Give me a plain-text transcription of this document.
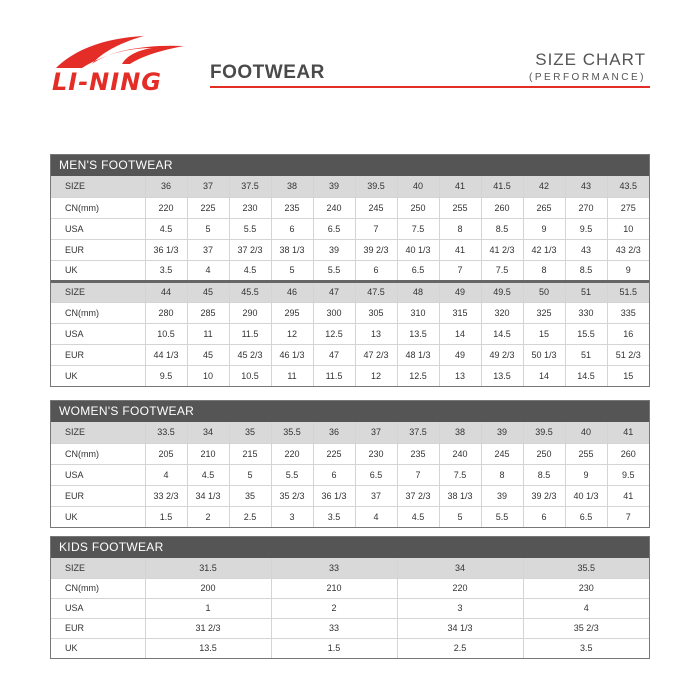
LI-NING	FOOTWEAR
SIZE CHART
(PERFORMANCE)
MEN'S FOOTWEAR
SIZE	36	37	37.5	38	39	39.5	40	41	41.5	42	43	43.5
CN(mm)	220	225	230	235	240	245	250	255	260	265	270	275
USA	4.5	5	5.5	6	6.5	7	7.5	8	8.5	9	9.5	10
EUR	36 1/3	37	37 2/3	38 1/3	39	39 2/3	40 1/3	41	41 2/3	42 1/3	43	43 2/3
UK	3.5	4	4.5	5	5.5	6	6.5	7	7.5	8	8.5	9
SIZE	44	45	45.5	46	47	47.5	48	49	49.5	50	51	51.5
CN(mm)	280	285	290	295	300	305	310	315	320	325	330	335
USA	10.5	11	11.5	12	12.5	13	13.5	14	14.5	15	15.5	16
EUR	44 1/3	45	45 2/3	46 1/3	47	47 2/3	48 1/3	49	49 2/3	50 1/3	51	51 2/3
UK	9.5	10	10.5	11	11.5	12	12.5	13	13.5	14	14.5	15
WOMEN'S FOOTWEAR
SIZE	33.5	34	35	35.5	36	37	37.5	38	39	39.5	40	41
CN(mm)	205	210	215	220	225	230	235	240	245	250	255	260
USA	4	4.5	5	5.5	6	6.5	7	7.5	8	8.5	9	9.5
EUR	33 2/3	34 1/3	35	35 2/3	36 1/3	37	37 2/3	38 1/3	39	39 2/3	40 1/3	41
UK	1.5	2	2.5	3	3.5	4	4.5	5	5.5	6	6.5	7
KIDS FOOTWEAR
SIZE	31.5	33	34	35.5
CN(mm)	200	210	220	230
USA	1	2	3	4
EUR	31 2/3	33	34 1/3	35 2/3
UK	13.5	1.5	2.5	3.5
